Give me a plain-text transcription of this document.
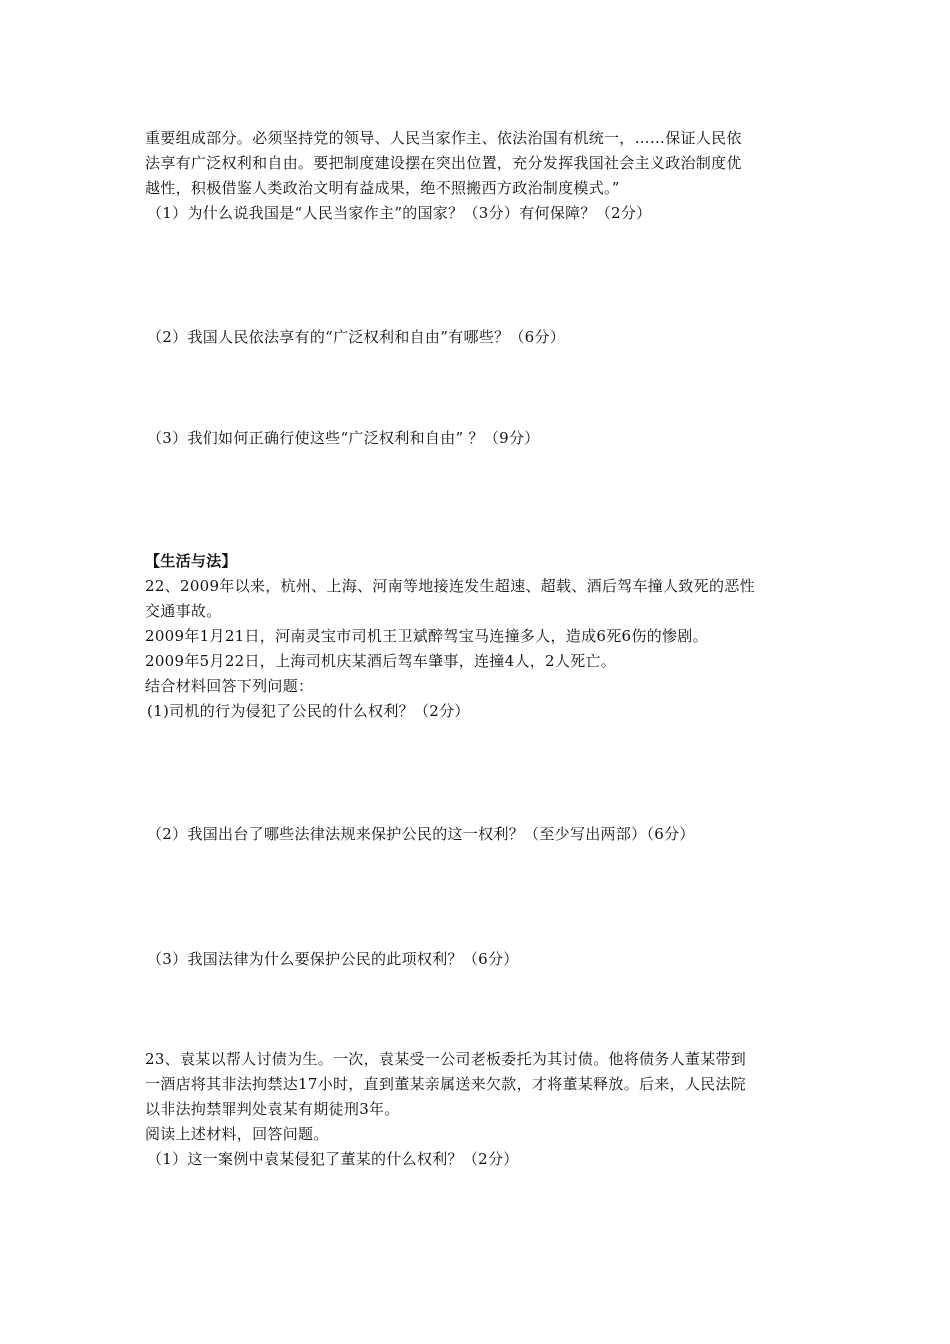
重要组成部分。必须坚持党的领导、人民当家作主、依法治国有机统一，……保证人民依
法享有广泛权利和自由。要把制度建设摆在突出位置，充分发挥我国社会主义政治制度优
越性，积极借鉴人类政治文明有益成果，绝不照搬西方政治制度模式。”
（1）为什么说我国是“人民当家作主”的国家？（3分）有何保障？（2分）
（2）我国人民依法享有的“广泛权利和自由”有哪些？（6分）
（3）我们如何正确行使这些“广泛权利和自由” ？（9分）
【生活与法】
22、2009年以来，杭州、上海、河南等地接连发生超速、超载、酒后驾车撞人致死的恶性
交通事故。
2009年1月21日，河南灵宝市司机王卫斌醉驾宝马连撞多人，造成6死6伤的惨剧。
2009年5月22日，上海司机庆某酒后驾车肇事，连撞4人，2人死亡。
结合材料回答下列问题：
(1)司机的行为侵犯了公民的什么权利？（2分）
（2）我国出台了哪些法律法规来保护公民的这一权利？（至少写出两部）（6分）
（3）我国法律为什么要保护公民的此项权利？（6分）
23、袁某以帮人讨债为生。一次，袁某受一公司老板委托为其讨债。他将债务人董某带到
一酒店将其非法拘禁达17小时，直到董某亲属送来欠款，才将董某释放。后来，人民法院
以非法拘禁罪判处袁某有期徒刑3年。
阅读上述材料，回答问题。
（1）这一案例中袁某侵犯了董某的什么权利？（2分）
